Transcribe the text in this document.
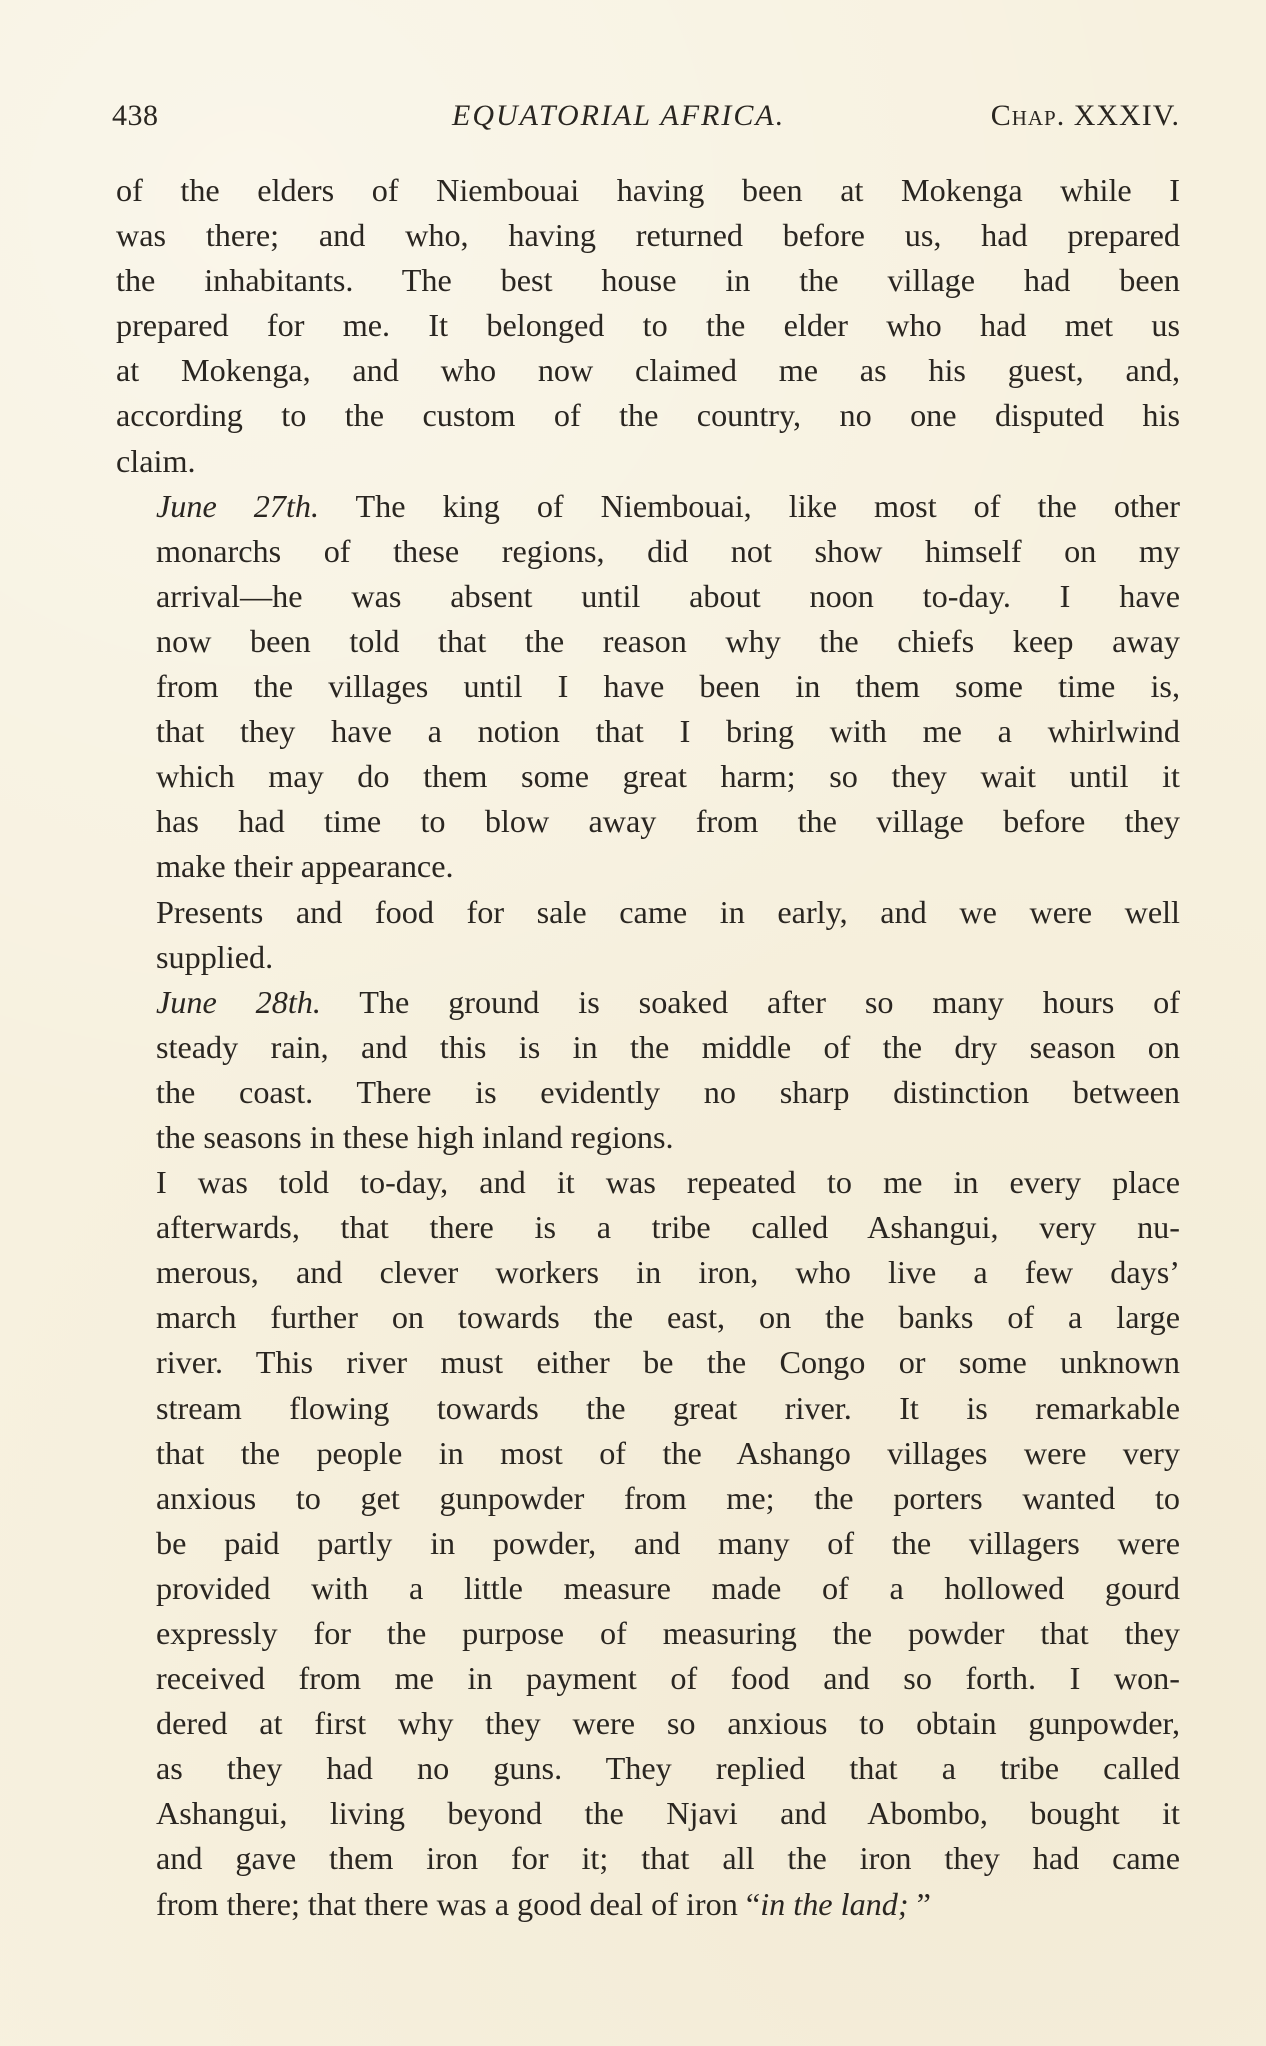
438	EQUATORIAL AFRICA.	Chap. XXXIV.

of the elders of Niembouai having been at Mokenga while I
was there; and who, having returned before us, had prepared
the inhabitants. The best house in the village had been
prepared for me. It belonged to the elder who had met us
at Mokenga, and who now claimed me as his guest, and,
according to the custom of the country, no one disputed his
claim.

June 27th. The king of Niembouai, like most of the other
monarchs of these regions, did not show himself on my
arrival—he was absent until about noon to-day. I have
now been told that the reason why the chiefs keep away
from the villages until I have been in them some time is,
that they have a notion that I bring with me a whirlwind
which may do them some great harm; so they wait until it
has had time to blow away from the village before they
make their appearance.

Presents and food for sale came in early, and we were well
supplied.

June 28th. The ground is soaked after so many hours of
steady rain, and this is in the middle of the dry season on
the coast. There is evidently no sharp distinction between
the seasons in these high inland regions.

I was told to-day, and it was repeated to me in every place
afterwards, that there is a tribe called Ashangui, very nu-
merous, and clever workers in iron, who live a few days’
march further on towards the east, on the banks of a large
river. This river must either be the Congo or some unknown
stream flowing towards the great river. It is remarkable
that the people in most of the Ashango villages were very
anxious to get gunpowder from me; the porters wanted to
be paid partly in powder, and many of the villagers were
provided with a little measure made of a hollowed gourd
expressly for the purpose of measuring the powder that they
received from me in payment of food and so forth. I won-
dered at first why they were so anxious to obtain gunpowder,
as they had no guns. They replied that a tribe called
Ashangui, living beyond the Njavi and Abombo, bought it
and gave them iron for it; that all the iron they had came
from there; that there was a good deal of iron “in the land; ”
